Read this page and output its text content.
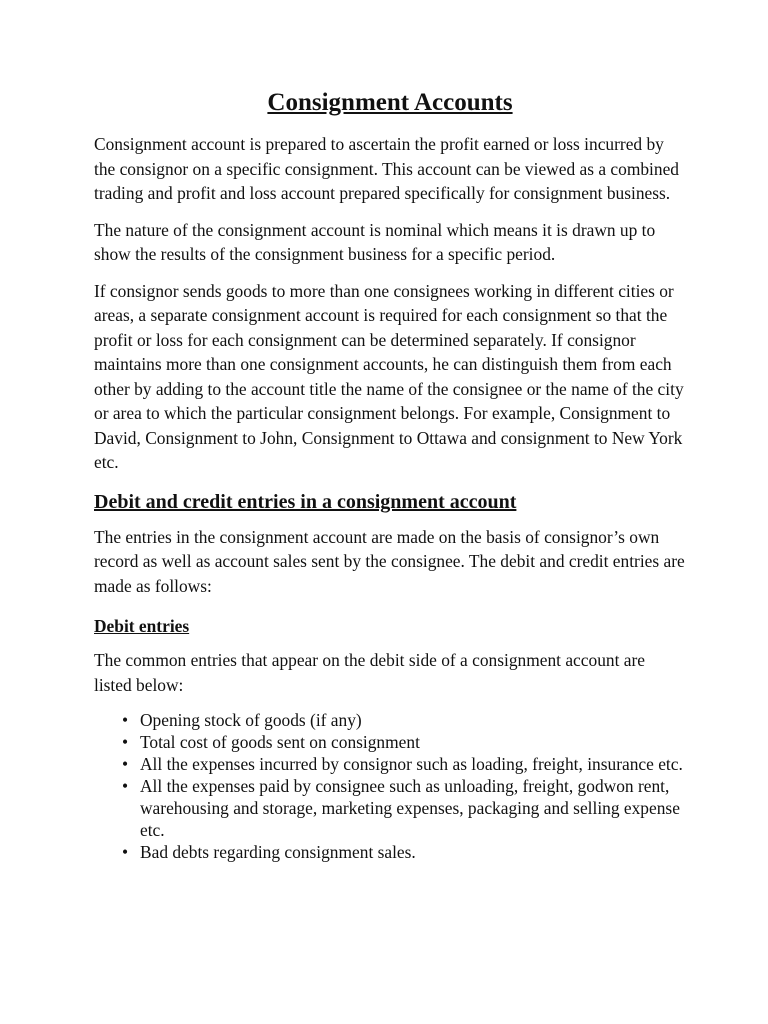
Consignment Accounts

Consignment account is prepared to ascertain the profit earned or loss incurred by the consignor on a specific consignment. This account can be viewed as a combined trading and profit and loss account prepared specifically for consignment business.

The nature of the consignment account is nominal which means it is drawn up to show the results of the consignment business for a specific period.

If consignor sends goods to more than one consignees working in different cities or areas, a separate consignment account is required for each consignment so that the profit or loss for each consignment can be determined separately. If consignor maintains more than one consignment accounts, he can distinguish them from each other by adding to the account title the name of the consignee or the name of the city or area to which the particular consignment belongs. For example, Consignment to David, Consignment to John, Consignment to Ottawa and consignment to New York etc.

Debit and credit entries in a consignment account

The entries in the consignment account are made on the basis of consignor’s own record as well as account sales sent by the consignee. The debit and credit entries are made as follows:

Debit entries

The common entries that appear on the debit side of a consignment account are listed below:

• Opening stock of goods (if any)
• Total cost of goods sent on consignment
• All the expenses incurred by consignor such as loading, freight, insurance etc.
• All the expenses paid by consignee such as unloading, freight, godwon rent, warehousing and storage, marketing expenses, packaging and selling expense etc.
• Bad debts regarding consignment sales.
